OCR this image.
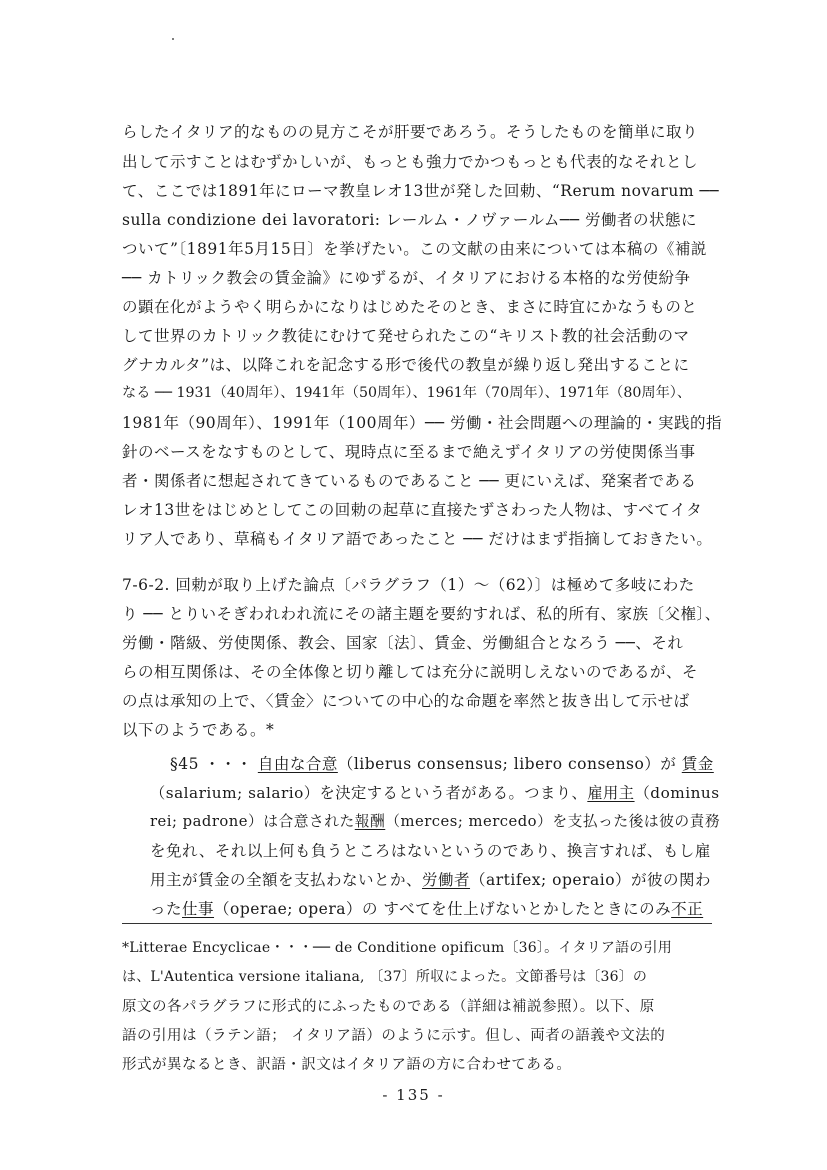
らしたイタリア的なものの見方こそが肝要であろう。そうしたものを簡単に取り
出して示すことはむずかしいが、もっとも強力でかつもっとも代表的なそれとし
て、ここでは1891年にローマ教皇レオ13世が発した回勅、“Rerum novarum ──
sulla condizione dei lavoratori: レールム・ノヴァールム── 労働者の状態に
ついて”〔1891年5月15日〕を挙げたい。この文献の由来については本稿の《補説
── カトリック教会の賃金論》にゆずるが、イタリアにおける本格的な労使紛争
の顕在化がようやく明らかになりはじめたそのとき、まさに時宜にかなうものと
して世界のカトリック教徒にむけて発せられたこの“キリスト教的社会活動のマ
グナカルタ”は、以降これを記念する形で後代の教皇が繰り返し発出することに
なる ── 1931（40周年）、1941年（50周年）、1961年（70周年）、1971年（80周年）、
1981年（90周年）、1991年（100周年）── 労働・社会問題への理論的・実践的指
針のベースをなすものとして、現時点に至るまで絶えずイタリアの労使関係当事
者・関係者に想起されてきているものであること ── 更にいえば、発案者である
レオ13世をはじめとしてこの回勅の起草に直接たずさわった人物は、すべてイタ
リア人であり、草稿もイタリア語であったこと ── だけはまず指摘しておきたい。
7-6-2. 回勅が取り上げた論点〔パラグラフ（1）～（62）〕は極めて多岐にわた
り ── とりいそぎわれわれ流にその諸主題を要約すれば、私的所有、家族〔父権〕、
労働・階級、労使関係、教会、国家〔法〕、賃金、労働組合となろう ──、それ
らの相互関係は、その全体像と切り離しては充分に説明しえないのであるが、そ
の点は承知の上で、〈賃金〉についての中心的な命題を率然と抜き出して示せば
以下のようである。*
§45 ・・・ 自由な合意（liberus consensus; libero consenso）が 賃金
（salarium; salario）を決定するという者がある。つまり、雇用主（dominus
rei; padrone）は合意された報酬（merces; mercedo）を支払った後は彼の責務
を免れ、それ以上何も負うところはないというのであり、換言すれば、もし雇
用主が賃金の全額を支払わないとか、労働者（artifex; operaio）が彼の関わ
った仕事（operae; opera）の すべてを仕上げないとかしたときにのみ不正
*Litterae Encyclicae・・・── de Conditione opificum〔36〕。イタリア語の引用
は、L'Autentica versione italiana, 〔37〕所収によった。文節番号は〔36〕の
原文の各パラグラフに形式的にふったものである（詳細は補説参照）。以下、原
語の引用は（ラテン語； イタリア語）のように示す。但し、両者の語義や文法的
形式が異なるとき、訳語・訳文はイタリア語の方に合わせてある。
- 135 -
